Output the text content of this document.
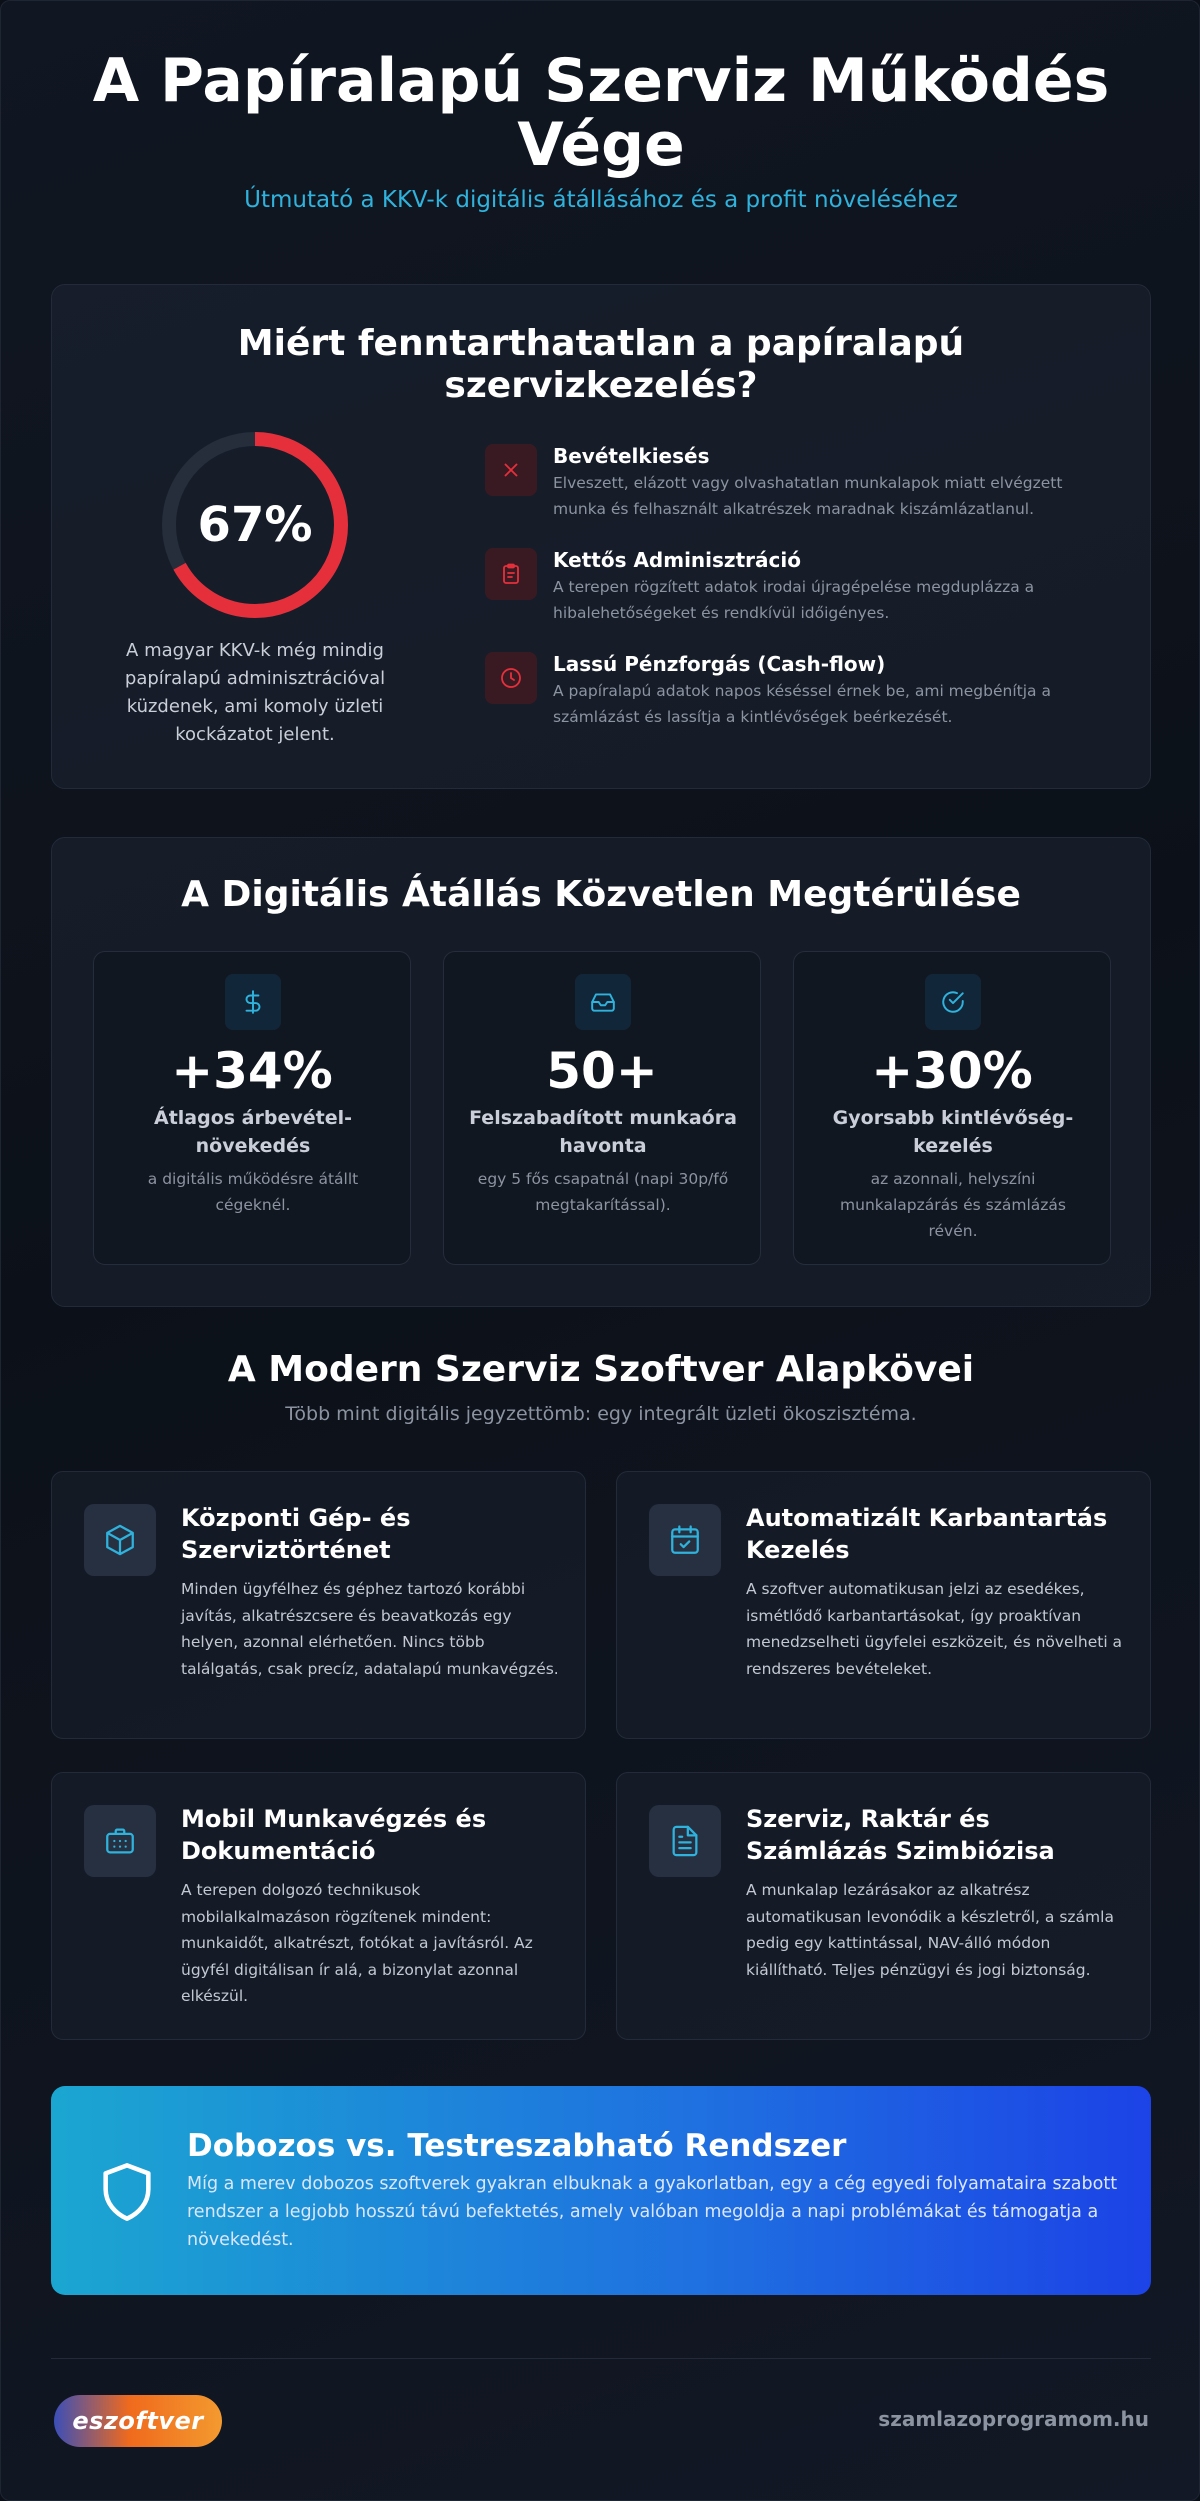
A Papíralapú Szerviz Működés Vége

Útmutató a KKV-k digitális átállásához és a profit növeléséhez

Miért fenntarthatatlan a papíralapú szervizkezelés?
67%

A magyar KKV-k még mindig papíralapú adminisztrációval küzdenek, ami komoly üzleti kockázatot jelent.

Bevételkiesés

Elveszett, elázott vagy olvashatatlan munkalapok miatt elvégzett munka és felhasznált alkatrészek maradnak kiszámlázatlanul.

Kettős Adminisztráció

A terepen rögzített adatok irodai újragépelése megduplázza a hibalehetőségeket és rendkívül időigényes.

Lassú Pénzforgás (Cash-flow)

A papíralapú adatok napos késéssel érnek be, ami megbénítja a számlázást és lassítja a kintlévőségek beérkezését.

A Digitális Átállás Közvetlen Megtérülése
+34%
Átlagos árbevétel-növekedés

a digitális működésre átállt cégeknél.

50+
Felszabadított munkaóra havonta

egy 5 fős csapatnál (napi 30p/fő megtakarítással).

+30%
Gyorsabb kintlévőség-kezelés

az azonnali, helyszíni munkalapzárás és számlázás révén.

A Modern Szerviz Szoftver Alapkövei

Több mint digitális jegyzettömb: egy integrált üzleti ökoszisztéma.

Központi Gép- és Szerviztörténet

Minden ügyfélhez és géphez tartozó korábbi javítás, alkatrészcsere és beavatkozás egy helyen, azonnal elérhetően. Nincs több találgatás, csak precíz, adatalapú munkavégzés.

Automatizált Karbantartás Kezelés

A szoftver automatikusan jelzi az esedékes, ismétlődő karbantartásokat, így proaktívan menedzselheti ügyfelei eszközeit, és növelheti a rendszeres bevételeket.

Mobil Munkavégzés és Dokumentáció

A terepen dolgozó technikusok mobilalkalmazáson rögzítenek mindent: munkaidőt, alkatrészt, fotókat a javításról. Az ügyfél digitálisan ír alá, a bizonylat azonnal elkészül.

Szerviz, Raktár és Számlázás Szimbiózisa

A munkalap lezárásakor az alkatrész automatikusan levonódik a készletről, a számla pedig egy kattintással, NAV-álló módon kiállítható. Teljes pénzügyi és jogi biztonság.

Dobozos vs. Testreszabható Rendszer

Míg a merev dobozos szoftverek gyakran elbuknak a gyakorlatban, egy a cég egyedi folyamataira szabott rendszer a legjobb hosszú távú befektetés, amely valóban megoldja a napi problémákat és támogatja a növekedést.

eszoftver	szamlazoprogramom.hu
